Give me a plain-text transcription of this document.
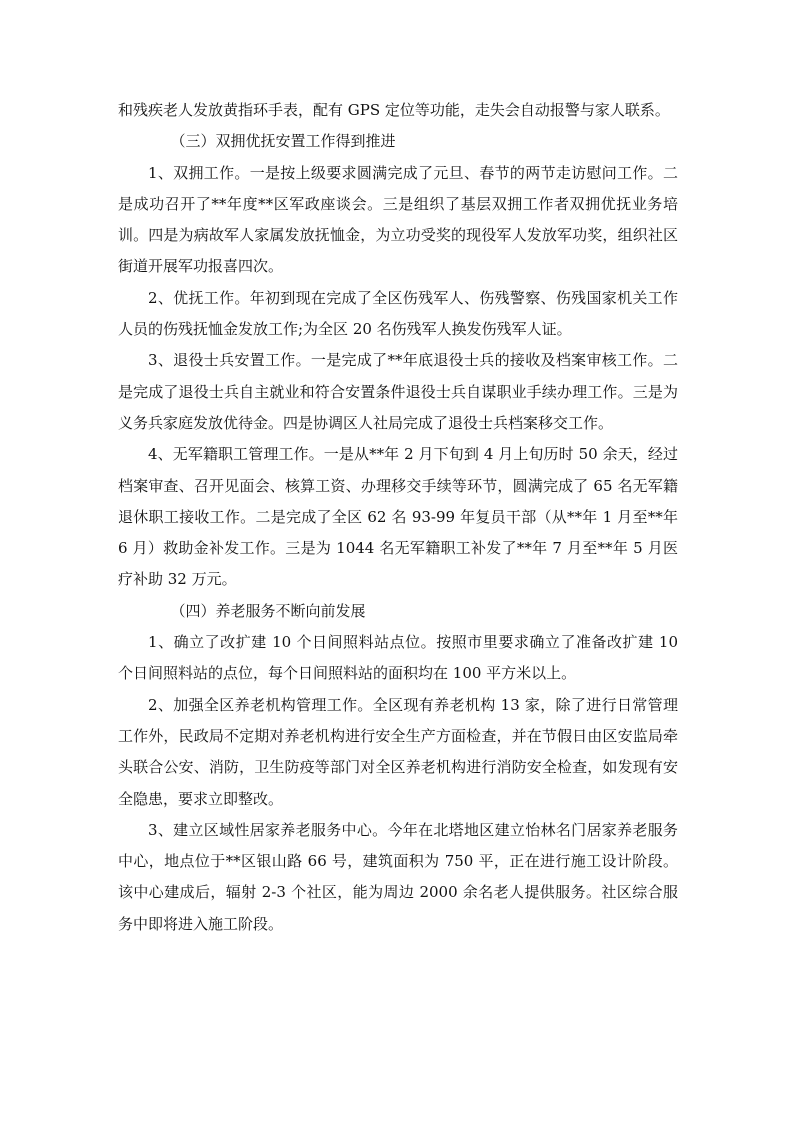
和残疾老人发放黄指环手表，配有 GPS 定位等功能，走失会自动报警与家人联系。

（三）双拥优抚安置工作得到推进

1、双拥工作。一是按上级要求圆满完成了元旦、春节的两节走访慰问工作。二是成功召开了**年度**区军政座谈会。三是组织了基层双拥工作者双拥优抚业务培训。四是为病故军人家属发放抚恤金，为立功受奖的现役军人发放军功奖，组织社区街道开展军功报喜四次。

2、优抚工作。年初到现在完成了全区伤残军人、伤残警察、伤残国家机关工作人员的伤残抚恤金发放工作;为全区 20 名伤残军人换发伤残军人证。

3、退役士兵安置工作。一是完成了**年底退役士兵的接收及档案审核工作。二是完成了退役士兵自主就业和符合安置条件退役士兵自谋职业手续办理工作。三是为义务兵家庭发放优待金。四是协调区人社局完成了退役士兵档案移交工作。

4、无军籍职工管理工作。一是从**年 2 月下旬到 4 月上旬历时 50 余天，经过档案审查、召开见面会、核算工资、办理移交手续等环节，圆满完成了 65 名无军籍退休职工接收工作。二是完成了全区 62 名 93-99 年复员干部（从**年 1 月至**年 6 月）救助金补发工作。三是为 1044 名无军籍职工补发了**年 7 月至**年 5 月医疗补助 32 万元。

（四）养老服务不断向前发展

1、确立了改扩建 10 个日间照料站点位。按照市里要求确立了准备改扩建 10 个日间照料站的点位，每个日间照料站的面积均在 100 平方米以上。

2、加强全区养老机构管理工作。全区现有养老机构 13 家，除了进行日常管理工作外，民政局不定期对养老机构进行安全生产方面检查，并在节假日由区安监局牵头联合公安、消防，卫生防疫等部门对全区养老机构进行消防安全检查，如发现有安全隐患，要求立即整改。

3、建立区域性居家养老服务中心。今年在北塔地区建立怡林名门居家养老服务中心，地点位于**区银山路 66 号，建筑面积为 750 平，正在进行施工设计阶段。该中心建成后，辐射 2-3 个社区，能为周边 2000 余名老人提供服务。社区综合服务中即将进入施工阶段。
